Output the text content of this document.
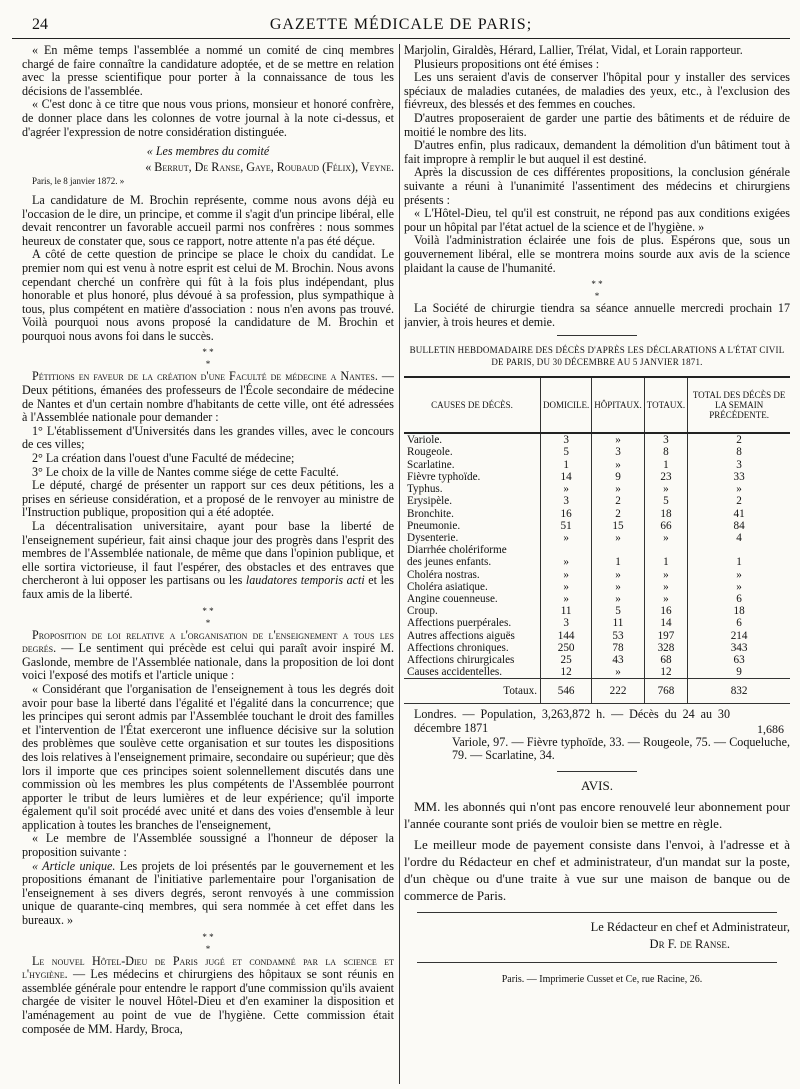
24	GAZETTE MÉDICALE DE PARIS;

« En même temps l'assemblée a nommé un comité de cinq membres chargé de faire connaître la candidature adoptée, et de se mettre en relation avec la presse scientifique pour porter à la connaissance de tous les décisions de l'assemblée.

« C'est donc à ce titre que nous vous prions, monsieur et honoré confrère, de donner place dans les colonnes de votre journal à la note ci-dessus, et d'agréer l'expression de notre considération distinguée.

« Les membres du comité

« Berrut, De Ranse, Gaye, Roubaud (Félix), Veyne.

Paris, le 8 janvier 1872. »

La candidature de M. Brochin représente, comme nous avons déjà eu l'occasion de le dire, un principe, et comme il s'agit d'un principe libéral, elle devait rencontrer un favorable accueil parmi nos confrères : nous sommes heureux de constater que, sous ce rapport, notre attente n'a pas été déçue.

A côté de cette question de principe se place le choix du candidat. Le premier nom qui est venu à notre esprit est celui de M. Brochin. Nous avons cependant cherché un confrère qui fût à la fois plus indépendant, plus honorable et plus honoré, plus dévoué à sa profession, plus sympathique à tous, plus compétent en matière d'association : nous n'en avons pas trouvé. Voilà pourquoi nous avons proposé la candidature de M. Brochin et pourquoi nous avons foi dans le succès.

* *
*

Pétitions en faveur de la création d'une Faculté de médecine a Nantes. — Deux pétitions, émanées des professeurs de l'École secondaire de médecine de Nantes et d'un certain nombre d'habitants de cette ville, ont été adressées à l'Assemblée nationale pour demander :

1° L'établissement d'Universités dans les grandes villes, avec le concours de ces villes;

2° La création dans l'ouest d'une Faculté de médecine;

3° Le choix de la ville de Nantes comme siége de cette Faculté.

Le député, chargé de présenter un rapport sur ces deux pétitions, les a prises en sérieuse considération, et a proposé de le renvoyer au ministre de l'Instruction publique, proposition qui a été adoptée.

La décentralisation universitaire, ayant pour base la liberté de l'enseignement supérieur, fait ainsi chaque jour des progrès dans l'esprit des membres de l'Assemblée nationale, de même que dans l'opinion publique, et elle sortira victorieuse, il faut l'espérer, des obstacles et des entraves que chercheront à lui opposer les partisans ou les laudatores temporis acti et les faux amis de la liberté.

* *
*

Proposition de loi relative a l'organisation de l'enseignement a tous les degrés. — Le sentiment qui précède est celui qui paraît avoir inspiré M. Gaslonde, membre de l'Assemblée nationale, dans la proposition de loi dont voici l'exposé des motifs et l'article unique :

« Considérant que l'organisation de l'enseignement à tous les degrés doit avoir pour base la liberté dans l'égalité et l'égalité dans la concurrence; que les principes qui seront admis par l'Assemblée touchant le droit des familles et l'intervention de l'État exerceront une influence décisive sur la solution des problèmes que soulève cette organisation et sur toutes les dispositions des lois relatives à l'enseignement primaire, secondaire ou supérieur; que dès lors il importe que ces principes soient solennellement discutés dans une commission où les membres les plus compétents de l'Assemblée pourront apporter le tribut de leurs lumières et de leur expérience; qu'il importe également qu'il soit procédé avec unité et dans des voies d'ensemble à leur application à toutes les branches de l'enseignement,

« Le membre de l'Assemblée soussigné a l'honneur de déposer la proposition suivante :

« Article unique. Les projets de loi présentés par le gouvernement et les propositions émanant de l'initiative parlementaire pour l'organisation de l'enseignement à ses divers degrés, seront renvoyés à une commission unique de quarante-cinq membres, qui sera nommée à cet effet dans les bureaux. »

* *
*

Le nouvel Hôtel-Dieu de Paris jugé et condamné par la science et l'hygiène. — Les médecins et chirurgiens des hôpitaux se sont réunis en assemblée générale pour entendre le rapport d'une commission qu'ils avaient chargée de visiter le nouvel Hôtel-Dieu et d'en examiner la disposition et l'aménagement au point de vue de l'hygiène. Cette commission était composée de MM. Hardy, Broca,

Marjolin, Giraldès, Hérard, Lallier, Trélat, Vidal, et Lorain rapporteur.

Plusieurs propositions ont été émises :

Les uns seraient d'avis de conserver l'hôpital pour y installer des services spéciaux de maladies cutanées, de maladies des yeux, etc., à l'exclusion des fiévreux, des blessés et des femmes en couches.

D'autres proposeraient de garder une partie des bâtiments et de réduire de moitié le nombre des lits.

D'autres enfin, plus radicaux, demandent la démolition d'un bâtiment tout à fait impropre à remplir le but auquel il est destiné.

Après la discussion de ces différentes propositions, la conclusion générale suivante a réuni à l'unanimité l'assentiment des médecins et chirurgiens présents :

« L'Hôtel-Dieu, tel qu'il est construit, ne répond pas aux conditions exigées pour un hôpital par l'état actuel de la science et de l'hygiène. »

Voilà l'administration éclairée une fois de plus. Espérons que, sous un gouvernement libéral, elle se montrera moins sourde aux avis de la science plaidant la cause de l'humanité.

* *
*

La Société de chirurgie tiendra sa séance annuelle mercredi prochain 17 janvier, à trois heures et demie.

BULLETIN HEBDOMADAIRE DES DÉCÈS D'APRÈS LES DÉCLARATIONS A L'ÉTAT CIVIL DE PARIS, DU 30 DÉCEMBRE AU 5 JANVIER 1871.
CAUSES DE DÉCÈS.	DOMICILE.	HÔPITAUX.	TOTAUX.	TOTAL DES DÉCÈS DE LA SEMAIN PRÉCÉDENTE.
Variole.	3	»	3	2
Rougeole.	5	3	8	8
Scarlatine.	1	»	1	3
Fièvre typhoïde.	14	9	23	33
Typhus.	»	»	»	»
Erysipèle.	3	2	5	2
Bronchite.	16	2	18	41
Pneumonie.	51	15	66	84
Dysenterie.	»	»	»	4
Diarrhée cholériforme				
des jeunes enfants.	»	1	1	1
Choléra nostras.	»	»	»	»
Choléra asiatique.	»	»	»	»
Angine couenneuse.	»	»	»	6
Croup.	11	5	16	18
Affections puerpérales.	3	11	14	6
Autres affections aiguës	144	53	197	214
Affections chroniques.	250	78	328	343
Affections chirurgicales	25	43	68	63
Causes accidentelles.	12	»	12	9
Totaux.	546	222	768	832

Londres. — Population, 3,263,872 h. — Décès du 24 au 30 décembre 1871	1,686

Variole, 97. — Fièvre typhoïde, 33. — Rougeole, 75. — Coqueluche, 79. — Scarlatine, 34.

AVIS.

MM. les abonnés qui n'ont pas encore renouvelé leur abonnement pour l'année courante sont priés de vouloir bien se mettre en règle.

Le meilleur mode de payement consiste dans l'envoi, à l'adresse et à l'ordre du Rédacteur en chef et administrateur, d'un mandat sur la poste, d'un chèque ou d'une traite à vue sur une maison de banque ou de commerce de Paris.

Le Rédacteur en chef et Administrateur,

Dr F. de Ranse.

Paris. — Imprimerie Cusset et Ce, rue Racine, 26.
